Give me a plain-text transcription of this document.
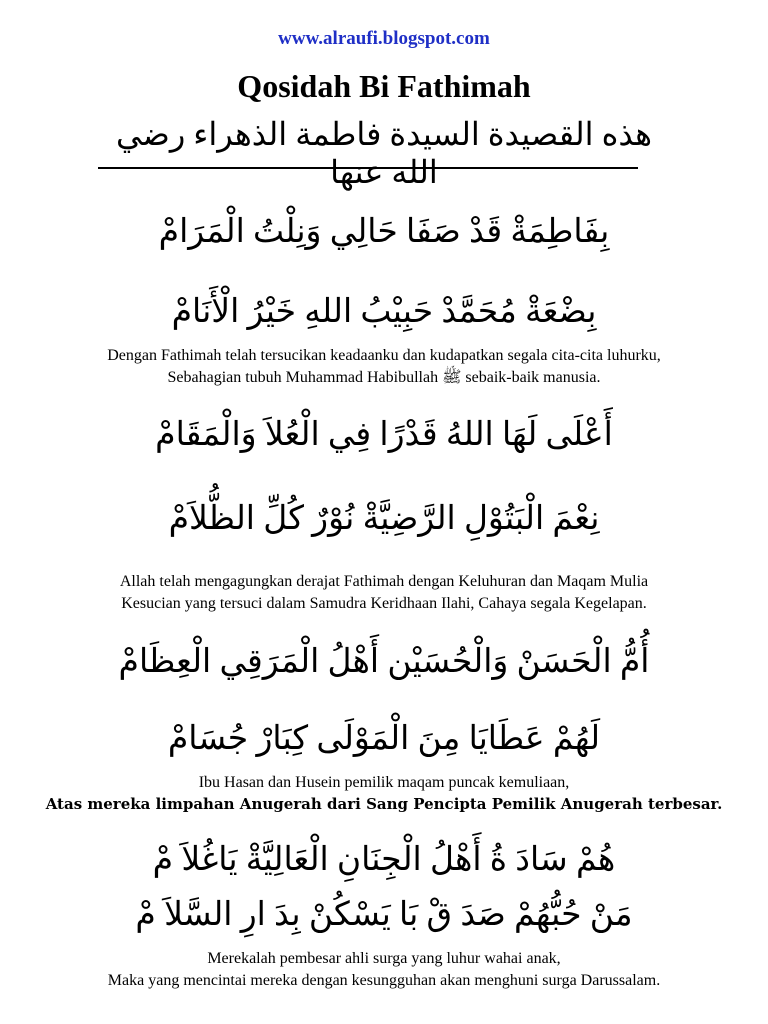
www.alraufi.blogspot.com
Qosidah Bi Fathimah
هذه القصيدة السيدة فاطمة الذهراء رضي الله عنها
بِفَاطِمَةْ قَدْ صَفَا حَالِي وَنِلْتُ الْمَرَامْ
بِضْعَةْ مُحَمَّدْ حَبِيْبُ اللهِ خَيْرُ الْأَنَامْ
Dengan Fathimah telah tersucikan keadaanku dan kudapatkan segala cita-cita luhurku,
Sebahagian tubuh Muhammad Habibullah ﷺ sebaik-baik manusia.
أَعْلَى لَهَا اللهُ قَدْرًا فِي الْعُلاَ وَالْمَقَامْ
نِعْمَ الْبَتُوْلِ الرَّضِيَّةْ نُوْرٌ كُلِّ الظُّلاَمْ
Allah telah mengagungkan derajat Fathimah dengan Keluhuran dan Maqam Mulia
Kesucian yang tersuci dalam Samudra Keridhaan Ilahi, Cahaya segala Kegelapan.
أُمُّ الْحَسَنْ وَالْحُسَيْن أَهْلُ الْمَرَقِي الْعِظَامْ
لَهُمْ عَطَايَا مِنَ الْمَوْلَى كِبَارْ جُسَامْ
Ibu Hasan dan Husein pemilik maqam puncak kemuliaan,
Atas mereka limpahan Anugerah dari Sang Pencipta Pemilik Anugerah terbesar.
هُمْ سَادَ ةُ أَهْلُ الْجِنَانِ الْعَالِيَّةْ يَاغُلاَ مْ
مَنْ حُبُّهُمْ صَدَ قْ بَا يَسْكُنْ بِدَ ارِ السَّلاَ مْ
Merekalah pembesar ahli surga yang luhur wahai anak,
Maka yang mencintai mereka dengan kesungguhan akan menghuni surga Darussalam.
